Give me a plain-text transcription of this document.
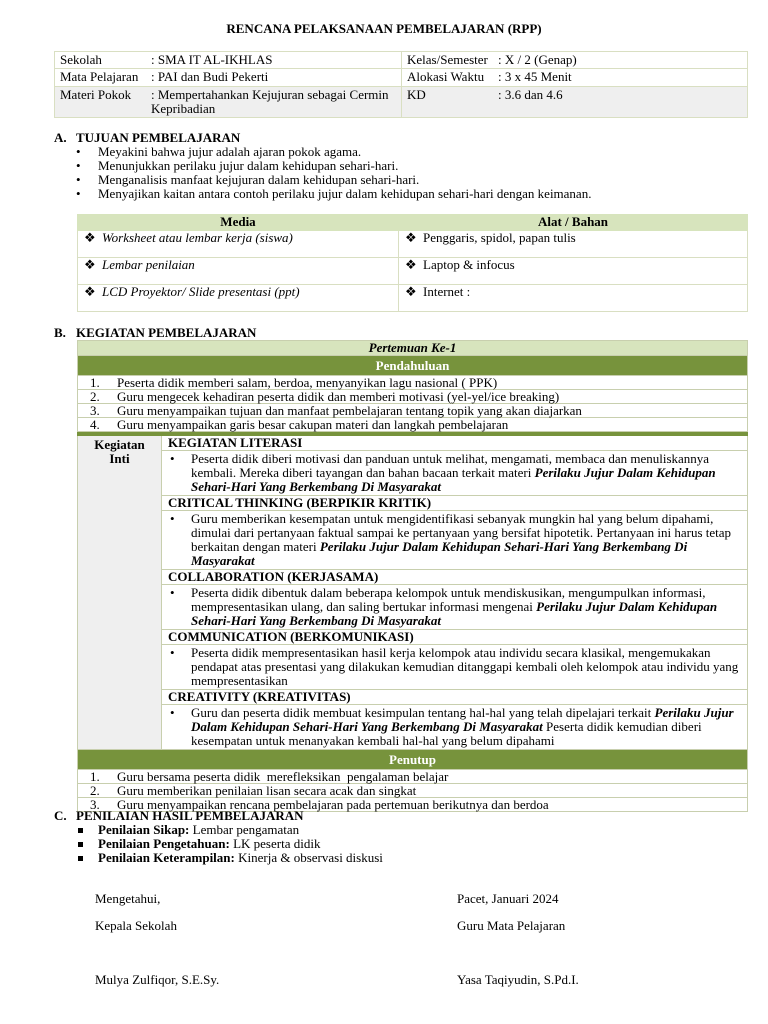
RENCANA PELAKSANAAN PEMBELAJARAN (RPP)
Sekolah : SMA IT AL-IKHLAS	Kelas/Semester : X / 2 (Genap)
Mata Pelajaran : PAI dan Budi Pekerti	Alokasi Waktu : 3 x 45 Menit
Materi Pokok : Mempertahankan Kejujuran sebagai Cermin Kepribadian	KD : 3.6 dan 4.6
A. TUJUAN PEMBELAJARAN
• Meyakini bahwa jujur adalah ajaran pokok agama.
• Menunjukkan perilaku jujur dalam kehidupan sehari-hari.
• Menganalisis manfaat kejujuran dalam kehidupan sehari-hari.
• Menyajikan kaitan antara contoh perilaku jujur dalam kehidupan sehari-hari dengan keimanan.
Media	Alat / Bahan
❖ Worksheet atau lembar kerja (siswa)	❖ Penggaris, spidol, papan tulis
❖ Lembar penilaian	❖ Laptop & infocus
❖ LCD Proyektor/ Slide presentasi (ppt)	❖ Internet :
B. KEGIATAN PEMBELAJARAN
Pertemuan Ke-1
Pendahuluan
1. Peserta didik memberi salam, berdoa, menyanyikan lagu nasional ( PPK)
2. Guru mengecek kehadiran peserta didik dan memberi motivasi (yel-yel/ice breaking)
3. Guru menyampaikan tujuan dan manfaat pembelajaran tentang topik yang akan diajarkan
4. Guru menyampaikan garis besar cakupan materi dan langkah pembelajaran

Kegiatan Inti	
KEGIATAN LITERASI
• Peserta didik diberi motivasi dan panduan untuk melihat, mengamati, membaca dan menuliskannya kembali. Mereka diberi tayangan dan bahan bacaan terkait materi Perilaku Jujur Dalam Kehidupan Sehari-Hari Yang Berkembang Di Masyarakat
CRITICAL THINKING (BERPIKIR KRITIK)
• Guru memberikan kesempatan untuk mengidentifikasi sebanyak mungkin hal yang belum dipahami, dimulai dari pertanyaan faktual sampai ke pertanyaan yang bersifat hipotetik. Pertanyaan ini harus tetap berkaitan dengan materi Perilaku Jujur Dalam Kehidupan Sehari-Hari Yang Berkembang Di Masyarakat
COLLABORATION (KERJASAMA)
• Peserta didik dibentuk dalam beberapa kelompok untuk mendiskusikan, mengumpulkan informasi, mempresentasikan ulang, dan saling bertukar informasi mengenai Perilaku Jujur Dalam Kehidupan Sehari-Hari Yang Berkembang Di Masyarakat
COMMUNICATION (BERKOMUNIKASI)
• Peserta didik mempresentasikan hasil kerja kelompok atau individu secara klasikal, mengemukakan pendapat atas presentasi yang dilakukan kemudian ditanggapi kembali oleh kelompok atau individu yang mempresentasikan
CREATIVITY (KREATIVITAS)
• Guru dan peserta didik membuat kesimpulan tentang hal-hal yang telah dipelajari terkait Perilaku Jujur Dalam Kehidupan Sehari-Hari Yang Berkembang Di Masyarakat Peserta didik kemudian diberi kesempatan untuk menanyakan kembali hal-hal yang belum dipahami

Penutup
1. Guru bersama peserta didik  merefleksikan  pengalaman belajar
2. Guru memberikan penilaian lisan secara acak dan singkat
3. Guru menyampaikan rencana pembelajaran pada pertemuan berikutnya dan berdoa
C. PENILAIAN HASIL PEMBELAJARAN
Penilaian Sikap: Lembar pengamatan
Penilaian Pengetahuan: LK peserta didik
Penilaian Keterampilan: Kinerja & observasi diskusi
Mengetahui,
Kepala Sekolah
Mulya Zulfiqor, S.E.Sy.
Pacet, Januari 2024
Guru Mata Pelajaran
Yasa Taqiyudin, S.Pd.I.
